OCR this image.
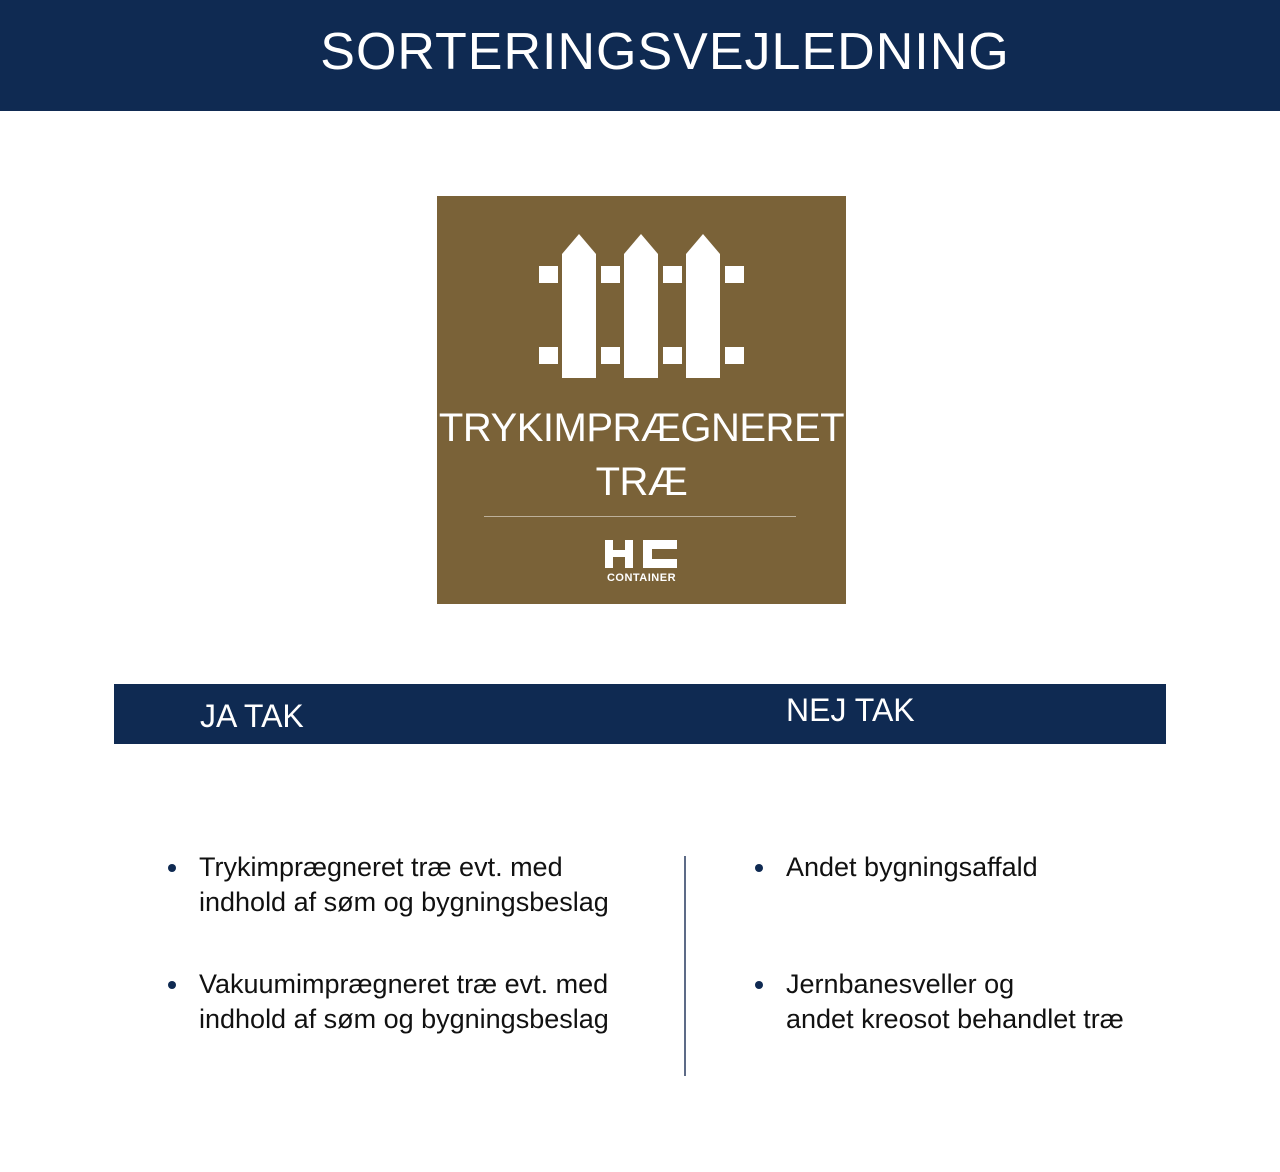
SORTERINGSVEJLEDNING
TRYKIMPRÆGNERET TRÆ
CONTAINER
JA TAK	NEJ TAK
Trykimprægneret træ evt. med
indhold af søm og bygningsbeslag
Vakuumimprægneret træ evt. med
indhold af søm og bygningsbeslag
Andet bygningsaffald
Jernbanesveller og
andet kreosot behandlet træ
